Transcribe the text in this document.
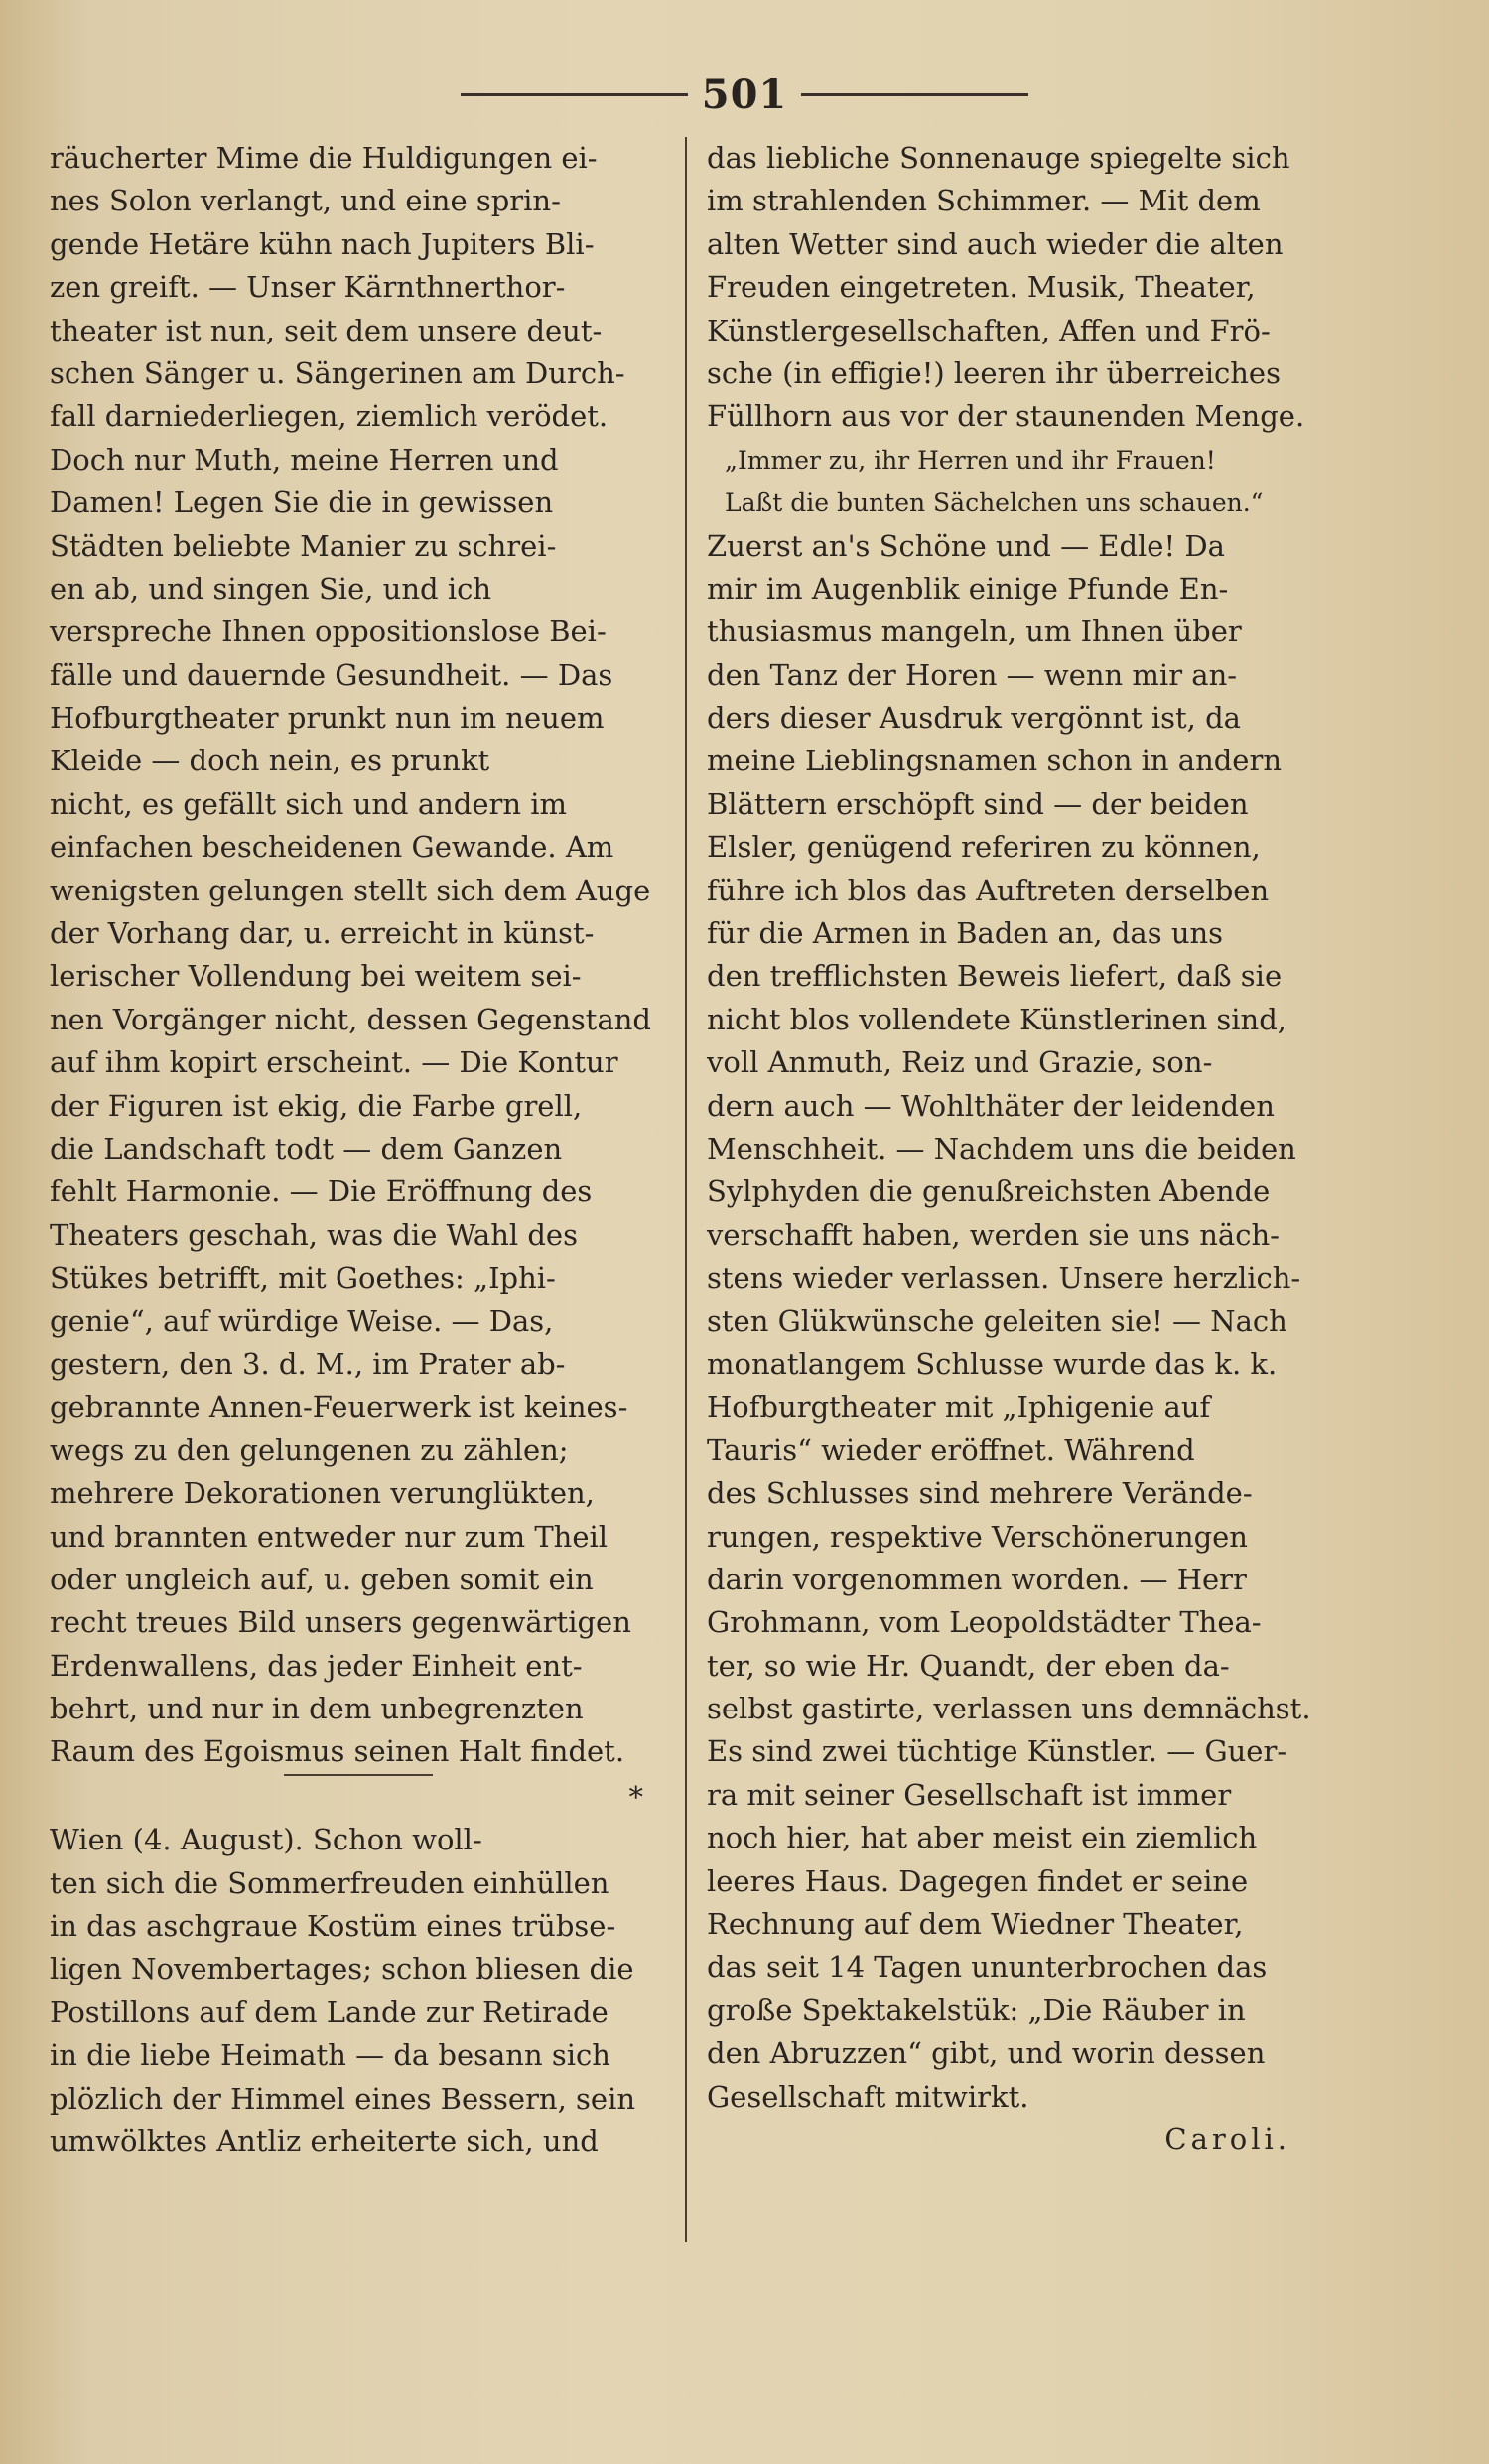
501
räucherter Mime die Huldigungen ei-
nes Solon verlangt, und eine sprin-
gende Hetäre kühn nach Jupiters Bli-
zen greift. — Unser Kärnthnerthor-
theater ist nun, seit dem unsere deut-
schen Sänger u. Sängerinen am Durch-
fall darniederliegen, ziemlich verödet.
Doch nur Muth, meine Herren und
Damen! Legen Sie die in gewissen
Städten beliebte Manier zu schrei-
en ab, und singen Sie, und ich
verspreche Ihnen oppositionslose Bei-
fälle und dauernde Gesundheit. — Das
Hofburgtheater prunkt nun im neuem
Kleide — doch nein, es prunkt
nicht, es gefällt sich und andern im
einfachen bescheidenen Gewande. Am
wenigsten gelungen stellt sich dem Auge
der Vorhang dar, u. erreicht in künst-
lerischer Vollendung bei weitem sei-
nen Vorgänger nicht, dessen Gegenstand
auf ihm kopirt erscheint. — Die Kontur
der Figuren ist ekig, die Farbe grell,
die Landschaft todt — dem Ganzen
fehlt Harmonie. — Die Eröffnung des
Theaters geschah, was die Wahl des
Stükes betrifft, mit Goethes: „Iphi-
genie“, auf würdige Weise. — Das,
gestern, den 3. d. M., im Prater ab-
gebrannte Annen-Feuerwerk ist keines-
wegs zu den gelungenen zu zählen;
mehrere Dekorationen verunglükten,
und brannten entweder nur zum Theil
oder ungleich auf, u. geben somit ein
recht treues Bild unsers gegenwärtigen
Erdenwallens, das jeder Einheit ent-
behrt, und nur in dem unbegrenzten
Raum des Egoismus seinen Halt findet.
*
Wien (4. August). Schon woll-
ten sich die Sommerfreuden einhüllen
in das aschgraue Kostüm eines trübse-
ligen Novembertages; schon bliesen die
Postillons auf dem Lande zur Retirade
in die liebe Heimath — da besann sich
plözlich der Himmel eines Bessern, sein
umwölktes Antliz erheiterte sich, und
das liebliche Sonnenauge spiegelte sich
im strahlenden Schimmer. — Mit dem
alten Wetter sind auch wieder die alten
Freuden eingetreten. Musik, Theater,
Künstlergesellschaften, Affen und Frö-
sche (in effigie!) leeren ihr überreiches
Füllhorn aus vor der staunenden Menge.
„Immer zu, ihr Herren und ihr Frauen!
Laßt die bunten Sächelchen uns schauen.“
Zuerst an's Schöne und — Edle! Da
mir im Augenblik einige Pfunde En-
thusiasmus mangeln, um Ihnen über
den Tanz der Horen — wenn mir an-
ders dieser Ausdruk vergönnt ist, da
meine Lieblingsnamen schon in andern
Blättern erschöpft sind — der beiden
Elsler, genügend referiren zu können,
führe ich blos das Auftreten derselben
für die Armen in Baden an, das uns
den trefflichsten Beweis liefert, daß sie
nicht blos vollendete Künstlerinen sind,
voll Anmuth, Reiz und Grazie, son-
dern auch — Wohlthäter der leidenden
Menschheit. — Nachdem uns die beiden
Sylphyden die genußreichsten Abende
verschafft haben, werden sie uns näch-
stens wieder verlassen. Unsere herzlich-
sten Glükwünsche geleiten sie! — Nach
monatlangem Schlusse wurde das k. k.
Hofburgtheater mit „Iphigenie auf
Tauris“ wieder eröffnet. Während
des Schlusses sind mehrere Verände-
rungen, respektive Verschönerungen
darin vorgenommen worden. — Herr
Grohmann, vom Leopoldstädter Thea-
ter, so wie Hr. Quandt, der eben da-
selbst gastirte, verlassen uns demnächst.
Es sind zwei tüchtige Künstler. — Guer-
ra mit seiner Gesellschaft ist immer
noch hier, hat aber meist ein ziemlich
leeres Haus. Dagegen findet er seine
Rechnung auf dem Wiedner Theater,
das seit 14 Tagen ununterbrochen das
große Spektakelstük: „Die Räuber in
den Abruzzen“ gibt, und worin dessen
Gesellschaft mitwirkt.
Caroli.
